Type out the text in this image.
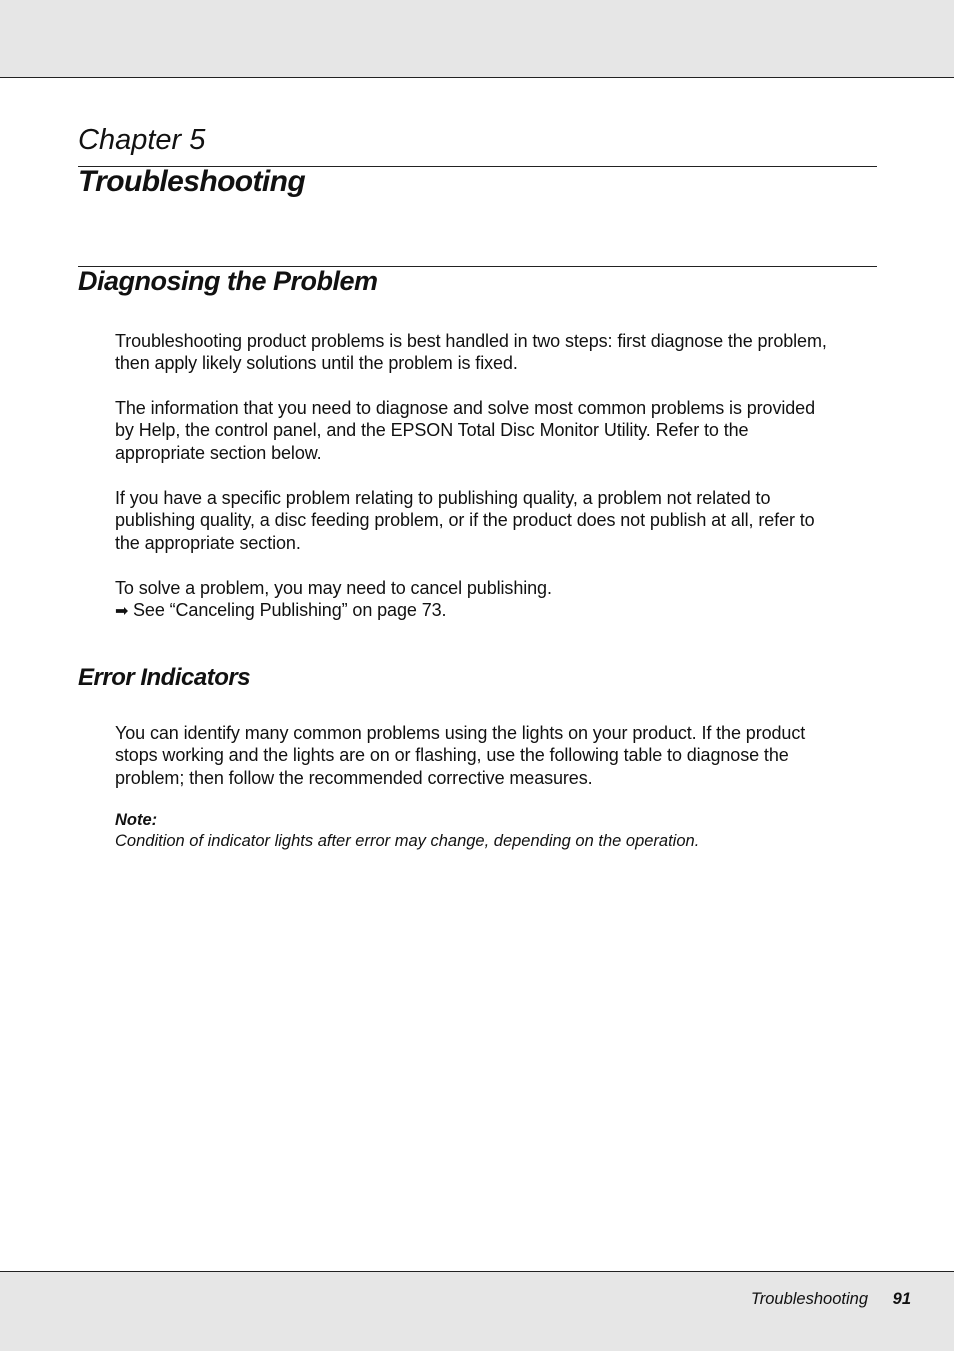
Chapter 5
Troubleshooting
Diagnosing the Problem

Troubleshooting product problems is best handled in two steps: first diagnose the problem,
then apply likely solutions until the problem is fixed.

The information that you need to diagnose and solve most common problems is provided
by Help, the control panel, and the EPSON Total Disc Monitor Utility. Refer to the
appropriate section below.

If you have a specific problem relating to publishing quality, a problem not related to
publishing quality, a disc feeding problem, or if the product does not publish at all, refer to
the appropriate section.

To solve a problem, you may need to cancel publishing.
➡ See “Canceling Publishing” on page 73.

Error Indicators

You can identify many common problems using the lights on your product. If the product
stops working and the lights are on or flashing, use the following table to diagnose the
problem; then follow the recommended corrective measures.

Note:
Condition of indicator lights after error may change, depending on the operation.
Troubleshooting 91
